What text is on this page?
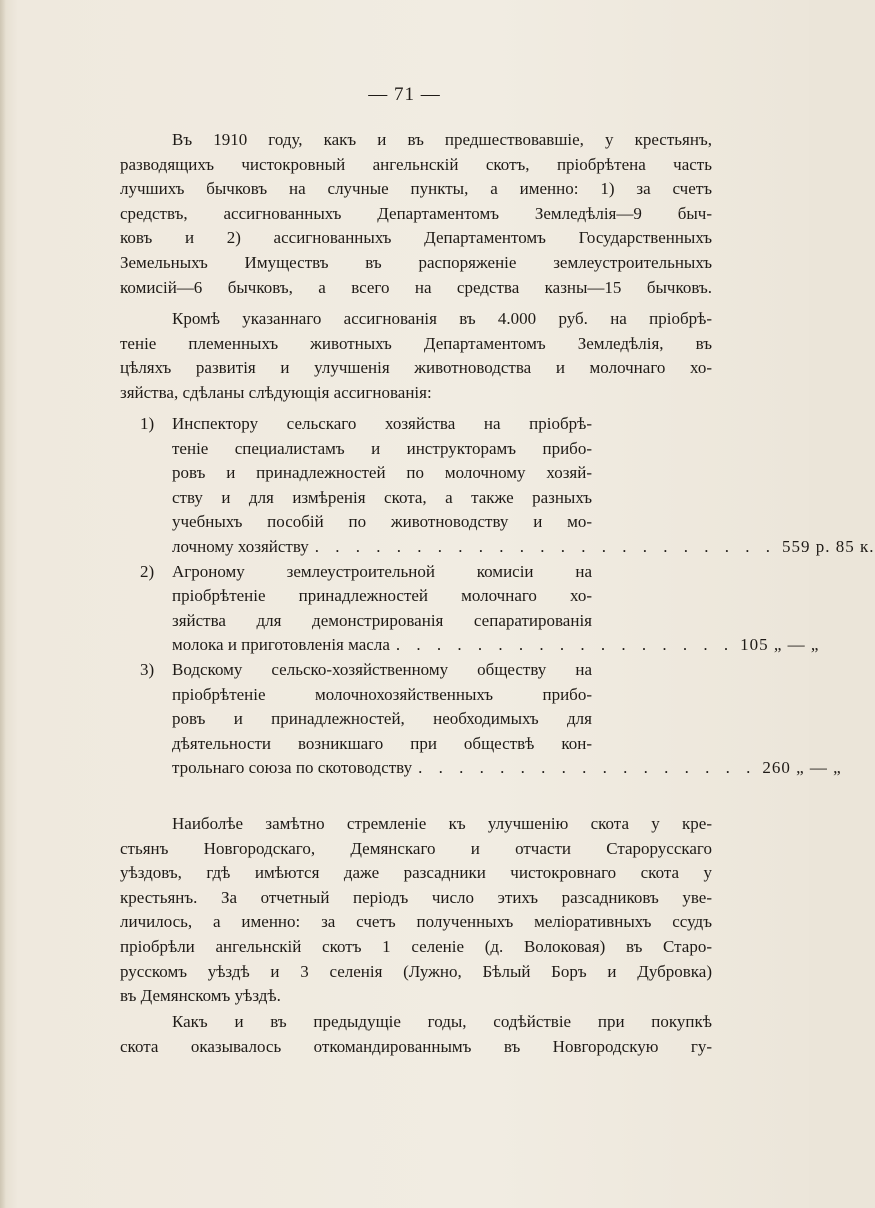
— 71 —
Въ 1910 году, какъ и въ предшествовавшіе, у крестьянъ,
разводящихъ чистокровный ангельнскій скотъ, пріобрѣтена часть
лучшихъ бычковъ на случные пункты, а именно: 1) за счетъ
средствъ, ассигнованныхъ Департаментомъ Земледѣлія—9 быч-
ковъ и 2) ассигнованныхъ Департаментомъ Государственныхъ
Земельныхъ Имуществъ въ распоряженіе землеустроительныхъ
комисій—6 бычковъ, а всего на средства казны—15 бычковъ.
Кромѣ указаннаго ассигнованія въ 4.000 руб. на пріобрѣ-
теніе племенныхъ животныхъ Департаментомъ Земледѣлія, въ
цѣляхъ развитія и улучшенія животноводства и молочнаго хо-
зяйства, сдѣланы слѣдующія ассигнованія:
1) Инспектору сельскаго хозяйства на пріобрѣ-
теніе специалистамъ и инструкторамъ прибо-
ровъ и принадлежностей по молочному хозяй-
ству и для измѣренія скота, а также разныхъ
учебныхъ пособій по животноводству и мо-
лочному хозяйству . . . . . . . . . . . . . . . . . . . . . . . 559 р. 85 к.
2) Агроному землеустроительной комисіи на
пріобрѣтеніе принадлежностей молочнаго хо-
зяйства для демонстрированія сепаратированія
молока и приготовленія масла . . . . . . . . . . . . . . . . . 105 „ — „
3) Водскому сельско-хозяйственному обществу на
пріобрѣтеніе молочнохозяйственныхъ прибо-
ровъ и принадлежностей, необходимыхъ для
дѣятельности возникшаго при обществѣ кон-
трольнаго союза по скотоводству . . . . . . . . . . . . . . . . . 260 „ — „
Наиболѣе замѣтно стремленіе къ улучшенію скота у кре-
стьянъ Новгородскаго, Демянскаго и отчасти Старорусскаго
уѣздовъ, гдѣ имѣются даже разсадники чистокровнаго скота у
крестьянъ. За отчетный періодъ число этихъ разсадниковъ уве-
личилось, а именно: за счетъ полученныхъ меліоративныхъ ссудъ
пріобрѣли ангельнскій скотъ 1 селеніе (д. Волоковая) въ Старо-
русскомъ уѣздѣ и 3 селенія (Лужно, Бѣлый Боръ и Дубровка)
въ Демянскомъ уѣздѣ.
Какъ и въ предыдущіе годы, содѣйствіе при покупкѣ
скота оказывалось откомандированнымъ въ Новгородскую гу-
